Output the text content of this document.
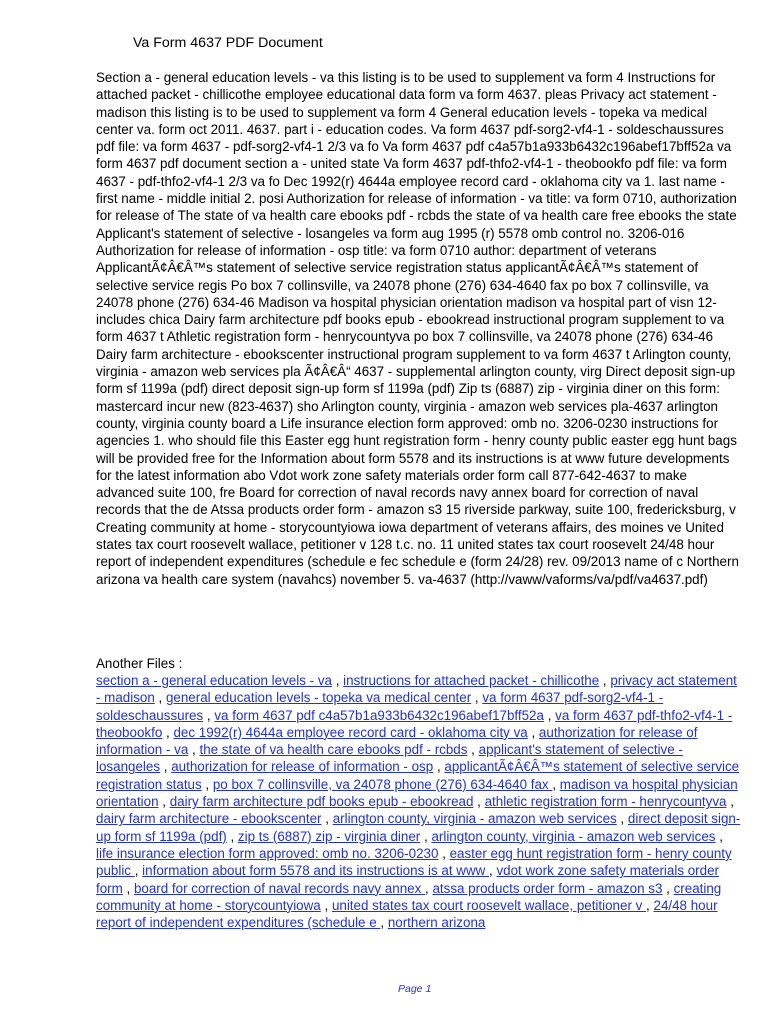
Va Form 4637 PDF Document
Section a - general education levels - va this listing is to be used to supplement va form 4 Instructions for attached packet - chillicothe employee educational data form va form 4637. pleas Privacy act statement - madison this listing is to be used to supplement va form 4 General education levels - topeka va medical center va. form oct 2011. 4637. part i - education codes. Va form 4637 pdf-sorg2-vf4-1 - soldeschaussures pdf file: va form 4637 - pdf-sorg2-vf4-1 2/3 va fo Va form 4637 pdf c4a57b1a933b6432c196abef17bff52a va form 4637 pdf document section a - united state Va form 4637 pdf-thfo2-vf4-1 - theobookfo pdf file: va form 4637 - pdf-thfo2-vf4-1 2/3 va fo Dec 1992(r) 4644a employee record card - oklahoma city va 1. last name - first name - middle initial 2. posi Authorization for release of information - va title: va form 0710, authorization for release of The state of va health care ebooks pdf - rcbds the state of va health care free ebooks the state Applicant's statement of selective - losangeles va form aug 1995 (r) 5578 omb control no. 3206-016 Authorization for release of information - osp title: va form 0710 author: department of veterans ApplicantÃ¢Â€Â™s statement of selective service registration status applicantÃ¢Â€Â™s statement of selective service regis Po box 7 collinsville, va 24078 phone (276) 634-4640 fax po box 7 collinsville, va 24078 phone (276) 634-46 Madison va hospital physician orientation madison va hospital part of visn 12-includes chica Dairy farm architecture pdf books epub - ebookread instructional program supplement to va form 4637 t Athletic registration form - henrycountyva po box 7 collinsville, va 24078 phone (276) 634-46 Dairy farm architecture - ebookscenter instructional program supplement to va form 4637 t Arlington county, virginia - amazon web services pla Ã¢Â€Â“ 4637 - supplemental arlington county, virg Direct deposit sign-up form sf 1199a (pdf) direct deposit sign-up form sf 1199a (pdf) Zip ts (6887) zip - virginia diner on this form: mastercard incur new (823-4637) sho Arlington county, virginia - amazon web services pla-4637 arlington county, virginia county board a Life insurance election form approved: omb no. 3206-0230 instructions for agencies 1. who should file this Easter egg hunt registration form - henry county public easter egg hunt bags will be provided free for the Information about form 5578 and its instructions is at www future developments for the latest information abo Vdot work zone safety materials order form call 877-642-4637 to make advanced suite 100, fre Board for correction of naval records navy annex board for correction of naval records that the de Atssa products order form - amazon s3 15 riverside parkway, suite 100, fredericksburg, v Creating community at home - storycountyiowa iowa department of veterans affairs, des moines ve United states tax court roosevelt wallace, petitioner v 128 t.c. no. 11 united states tax court roosevelt 24/48 hour report of independent expenditures (schedule e fec schedule e (form 24/28) rev. 09/2013 name of c Northern arizona va health care system (navahcs) november 5. va-4637 (http://vaww/vaforms/va/pdf/va4637.pdf)
Another Files :
section a - general education levels - va , instructions for attached packet - chillicothe , privacy act statement - madison , general education levels - topeka va medical center , va form 4637 pdf-sorg2-vf4-1 - soldeschaussures , va form 4637 pdf c4a57b1a933b6432c196abef17bff52a , va form 4637 pdf-thfo2-vf4-1 - theobookfo , dec 1992(r) 4644a employee record card - oklahoma city va , authorization for release of information - va , the state of va health care ebooks pdf - rcbds , applicant's statement of selective - losangeles , authorization for release of information - osp , applicantÃ¢Â€Â™s statement of selective service registration status , po box 7 collinsville, va 24078 phone (276) 634-4640 fax , madison va hospital physician orientation , dairy farm architecture pdf books epub - ebookread , athletic registration form - henrycountyva , dairy farm architecture - ebookscenter , arlington county, virginia - amazon web services , direct deposit sign-up form sf 1199a (pdf) , zip ts (6887) zip - virginia diner , arlington county, virginia - amazon web services , life insurance election form approved: omb no. 3206-0230 , easter egg hunt registration form - henry county public , information about form 5578 and its instructions is at www , vdot work zone safety materials order form , board for correction of naval records navy annex , atssa products order form - amazon s3 , creating community at home - storycountyiowa , united states tax court roosevelt wallace, petitioner v , 24/48 hour report of independent expenditures (schedule e , northern arizona
Page 1
